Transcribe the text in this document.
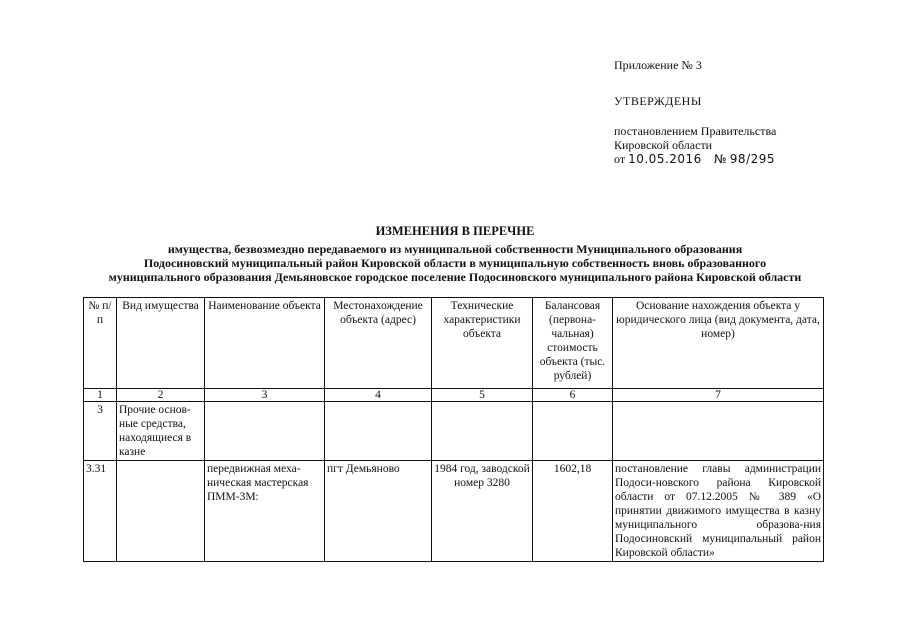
Приложение № 3
УТВЕРЖДЕНЫ
постановлением Правительства
Кировской области
от 10.05.2016 № 98/295
ИЗМЕНЕНИЯ В ПЕРЕЧНЕ
имущества, безвозмездно передаваемого из муниципальной собственности Муниципального образования
Подосиновский муниципальный район Кировской области в муниципальную собственность вновь образованного
муниципального образования Демьяновское городское поселение Подосиновского муниципального района Кировской области
№ п/п	Вид имущества	Наименование объекта	Местонахождение объекта (адрес)	Технические характеристики объекта	Балансовая (первона-чальная) стоимость объекта (тыс. рублей)	Основание нахождения объекта у юридического лица (вид документа, дата, номер)
1	2	3	4	5	6	7
3	Прочие основ-ные средства, находящиеся в казне					
3.31		передвижная меха-ническая мастерская ПММ-3М:	пгт Демьяново	1984 год, заводской номер 3280	1602,18	постановление главы администрации Подоси-новского района Кировской области от 07.12.2005 № 389 «О принятии движимого имущества в казну муниципального образова-ния Подосиновский муниципальный район Кировской области»
